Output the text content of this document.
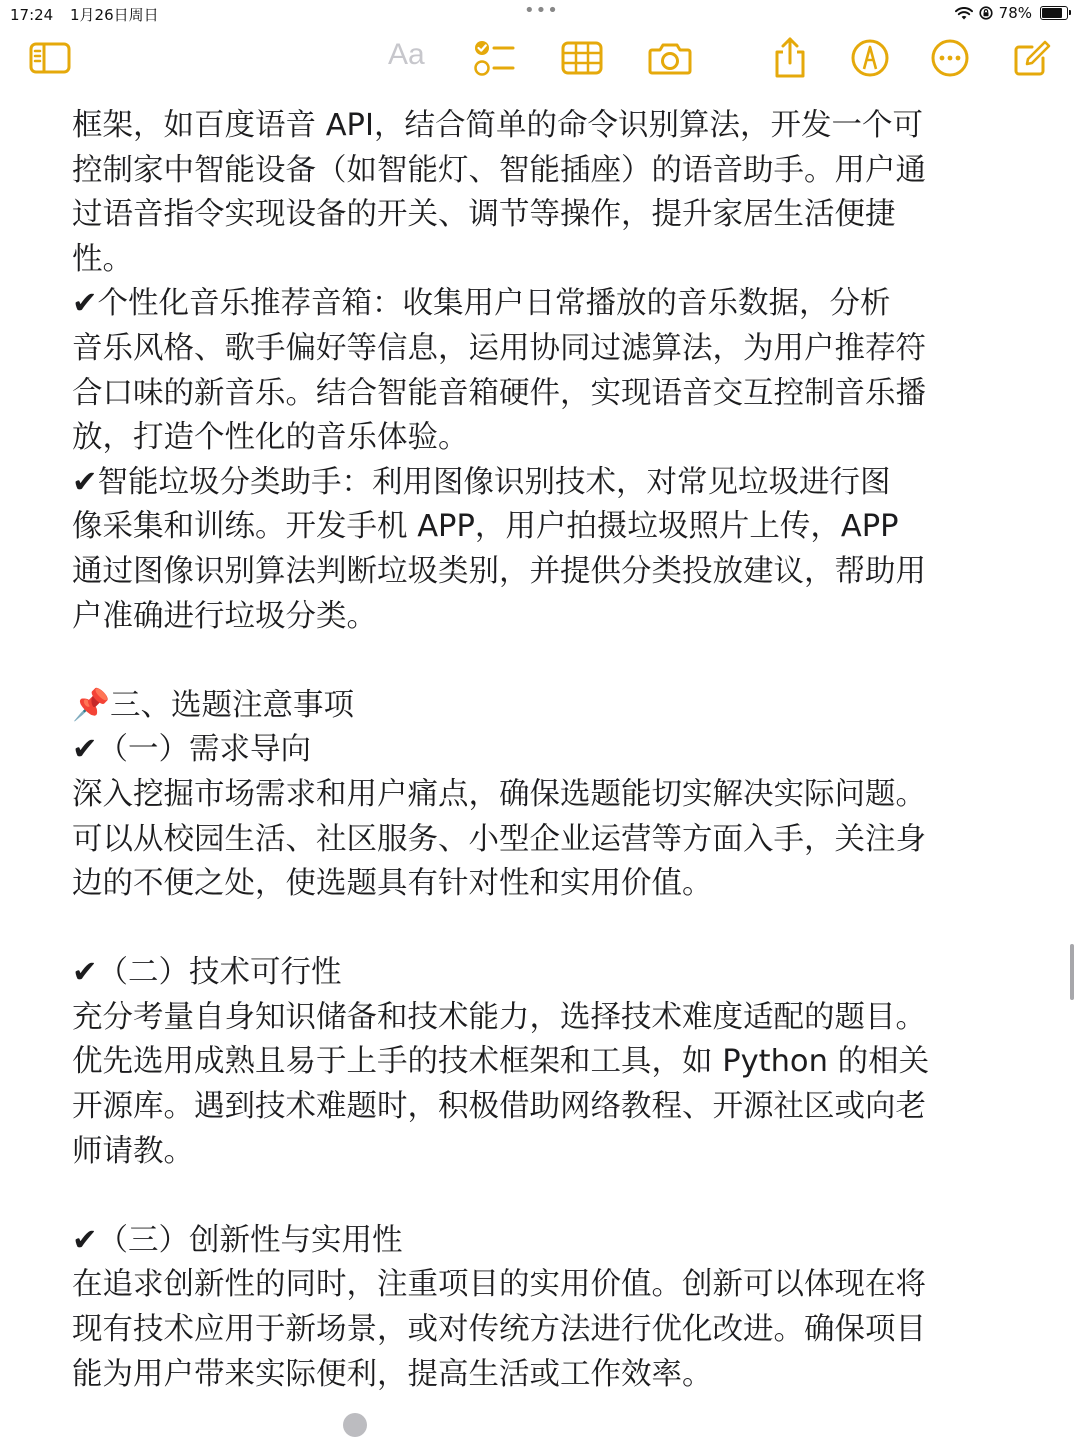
17:24 1月26日周日	•••	78%
Aa

框架，如百度语音 API，结合简单的命令识别算法，开发一个可

控制家中智能设备（如智能灯、智能插座）的语音助手。用户通

过语音指令实现设备的开关、调节等操作，提升家居生活便捷

性。

✔个性化音乐推荐音箱：收集用户日常播放的音乐数据，分析

音乐风格、歌手偏好等信息，运用协同过滤算法，为用户推荐符

合口味的新音乐。结合智能音箱硬件，实现语音交互控制音乐播

放，打造个性化的音乐体验。

✔智能垃圾分类助手：利用图像识别技术，对常见垃圾进行图

像采集和训练。开发手机 APP，用户拍摄垃圾照片上传，APP

通过图像识别算法判断垃圾类别，并提供分类投放建议，帮助用

户准确进行垃圾分类。

📌三、选题注意事项

✔（一）需求导向

深入挖掘市场需求和用户痛点，确保选题能切实解决实际问题。

可以从校园生活、社区服务、小型企业运营等方面入手，关注身

边的不便之处，使选题具有针对性和实用价值。

✔（二）技术可行性

充分考量自身知识储备和技术能力，选择技术难度适配的题目。

优先选用成熟且易于上手的技术框架和工具，如 Python 的相关

开源库。遇到技术难题时，积极借助网络教程、开源社区或向老

师请教。

✔（三）创新性与实用性

在追求创新性的同时，注重项目的实用价值。创新可以体现在将

现有技术应用于新场景，或对传统方法进行优化改进。确保项目

能为用户带来实际便利，提高生活或工作效率。
